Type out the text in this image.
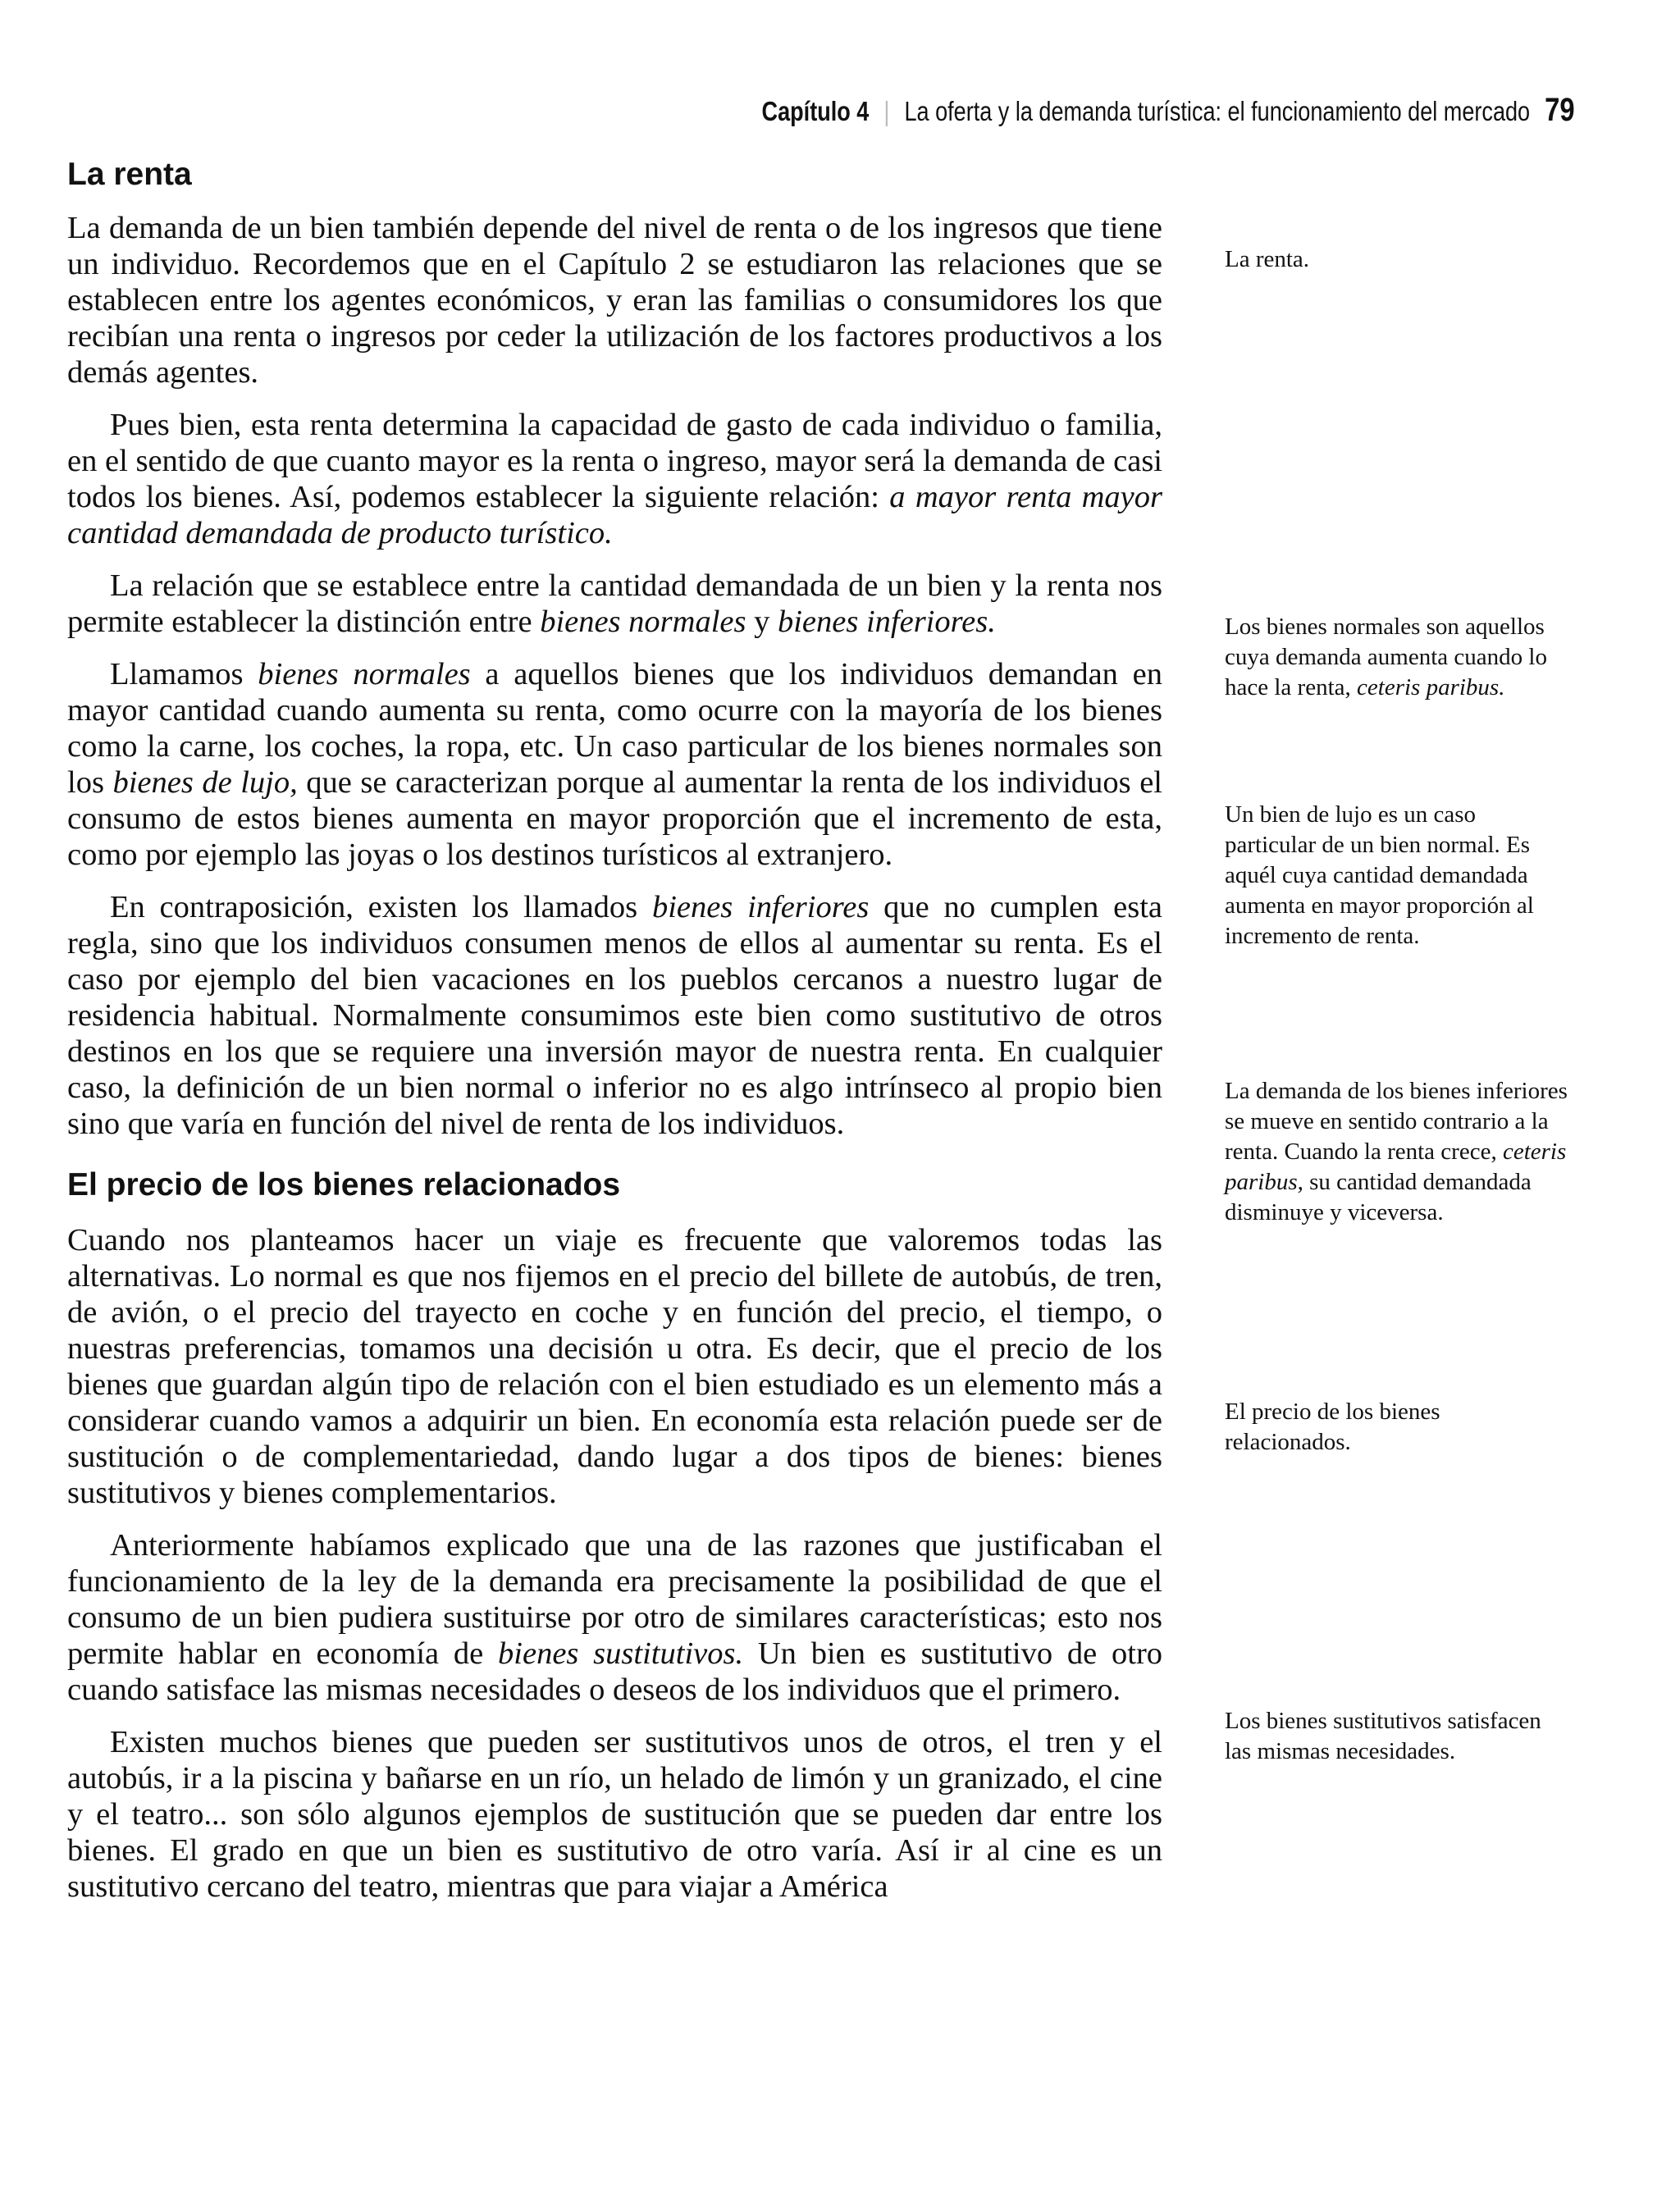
Capítulo 4 | La oferta y la demanda turística: el funcionamiento del mercado 79
La renta

La demanda de un bien también depende del nivel de renta o de los ingresos que tiene un individuo. Recordemos que en el Capítulo 2 se estudiaron las relaciones que se establecen entre los agentes económicos, y eran las familias o consumidores los que recibían una renta o ingresos por ceder la utilización de los factores productivos a los demás agentes.

Pues bien, esta renta determina la capacidad de gasto de cada individuo o familia, en el sentido de que cuanto mayor es la renta o ingreso, mayor será la demanda de casi todos los bienes. Así, podemos establecer la siguiente relación: a mayor renta mayor cantidad demandada de producto turístico.

La relación que se establece entre la cantidad demandada de un bien y la renta nos permite establecer la distinción entre bienes normales y bienes inferiores.

Llamamos bienes normales a aquellos bienes que los individuos demandan en mayor cantidad cuando aumenta su renta, como ocurre con la mayoría de los bienes como la carne, los coches, la ropa, etc. Un caso particular de los bienes normales son los bienes de lujo, que se caracterizan porque al aumentar la renta de los individuos el consumo de estos bienes aumenta en mayor proporción que el incremento de esta, como por ejemplo las joyas o los destinos turísticos al extranjero.

En contraposición, existen los llamados bienes inferiores que no cumplen esta regla, sino que los individuos consumen menos de ellos al aumentar su renta. Es el caso por ejemplo del bien vacaciones en los pueblos cercanos a nuestro lugar de residencia habitual. Normalmente consumimos este bien como sustitutivo de otros destinos en los que se requiere una inversión mayor de nuestra renta. En cualquier caso, la definición de un bien normal o inferior no es algo intrínseco al propio bien sino que varía en función del nivel de renta de los individuos.

El precio de los bienes relacionados

Cuando nos planteamos hacer un viaje es frecuente que valoremos todas las alternativas. Lo normal es que nos fijemos en el precio del billete de autobús, de tren, de avión, o el precio del trayecto en coche y en función del precio, el tiempo, o nuestras preferencias, tomamos una decisión u otra. Es decir, que el precio de los bienes que guardan algún tipo de relación con el bien estudiado es un elemento más a considerar cuando vamos a adquirir un bien. En economía esta relación puede ser de sustitución o de complementariedad, dando lugar a dos tipos de bienes: bienes sustitutivos y bienes complementarios.

Anteriormente habíamos explicado que una de las razones que justificaban el funcionamiento de la ley de la demanda era precisamente la posibilidad de que el consumo de un bien pudiera sustituirse por otro de similares características; esto nos permite hablar en economía de bienes sustitutivos. Un bien es sustitutivo de otro cuando satisface las mismas necesidades o deseos de los individuos que el primero.

Existen muchos bienes que pueden ser sustitutivos unos de otros, el tren y el autobús, ir a la piscina y bañarse en un río, un helado de limón y un granizado, el cine y el teatro... son sólo algunos ejemplos de sustitución que se pueden dar entre los bienes. El grado en que un bien es sustitutivo de otro varía. Así ir al cine es un sustitutivo cercano del teatro, mientras que para viajar a América

La renta.
Los bienes normales son aquellos cuya demanda aumenta cuando lo hace la renta, ceteris paribus.
Un bien de lujo es un caso particular de un bien normal. Es aquél cuya cantidad demandada aumenta en mayor proporción al incremento de renta.
La demanda de los bienes inferiores se mueve en sentido contrario a la renta. Cuando la renta crece, ceteris paribus, su cantidad demandada disminuye y viceversa.
El precio de los bienes relacionados.
Los bienes sustitutivos satisfacen las mismas necesidades.
